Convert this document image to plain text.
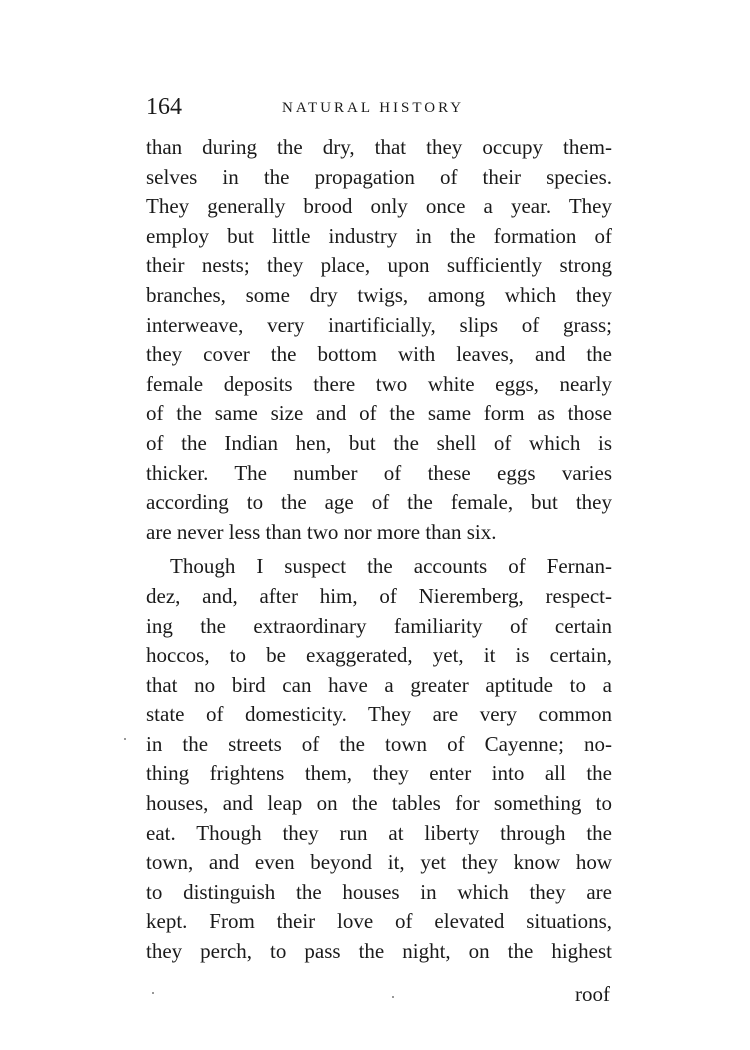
164	NATURAL HISTORY
than during the dry, that they occupy them-
selves in the propagation of their species.
They generally brood only once a year. They
employ but little industry in the formation of
their nests; they place, upon sufficiently strong
branches, some dry twigs, among which they
interweave, very inartificially, slips of grass;
they cover the bottom with leaves, and the
female deposits there two white eggs, nearly
of the same size and of the same form as those
of the Indian hen, but the shell of which is
thicker. The number of these eggs varies
according to the age of the female, but they
are never less than two nor more than six.
Though I suspect the accounts of Fernan-
dez, and, after him, of Nieremberg, respect-
ing the extraordinary familiarity of certain
hoccos, to be exaggerated, yet, it is certain,
that no bird can have a greater aptitude to a
state of domesticity. They are very common
in the streets of the town of Cayenne; no-
thing frightens them, they enter into all the
houses, and leap on the tables for something to
eat. Though they run at liberty through the
town, and even beyond it, yet they know how
to distinguish the houses in which they are
kept. From their love of elevated situations,
they perch, to pass the night, on the highest
roof
